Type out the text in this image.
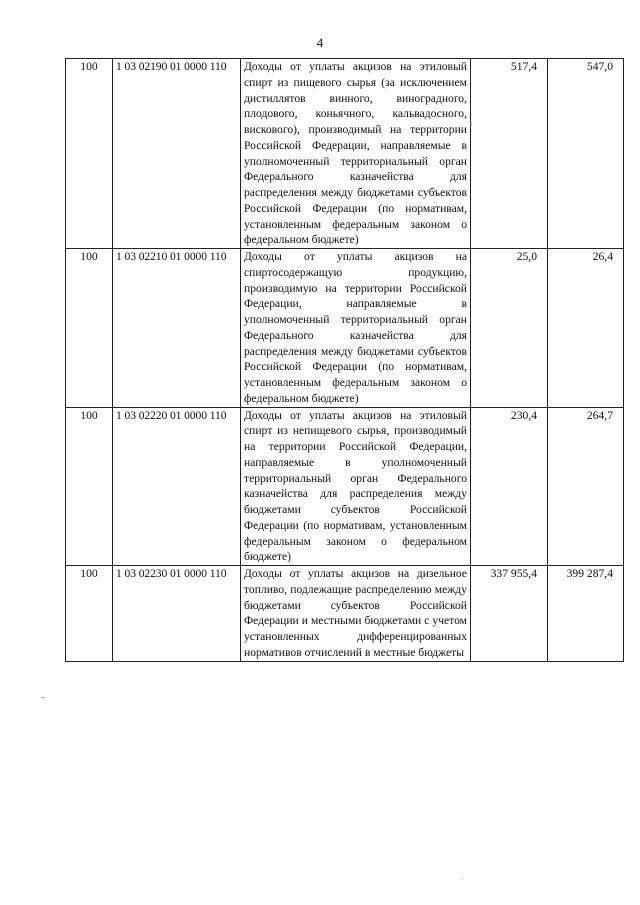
4
100	1 03 02190 01 0000 110	Доходы от уплаты акцизов на этиловый спирт из пищевого сырья (за исключением дистиллятов винного, виноградного, плодового, коньячного, кальвадосного, вискового), производимый на территории Российской Федерации, направляемые в уполномоченный территориальный орган Федерального казначейства для распределения между бюджетами субъектов Российской Федерации (по нормативам, установленным федеральным законом о федеральном бюджете)	517,4	547,0
100	1 03 02210 01 0000 110	Доходы от уплаты акцизов на спиртосодержащую продукцию, производимую на территории Российской Федерации, направляемые в уполномоченный территориальный орган Федерального казначейства для распределения между бюджетами субъектов Российской Федерации (по нормативам, установленным федеральным законом о федеральном бюджете)	25,0	26,4
100	1 03 02220 01 0000 110	Доходы от уплаты акцизов на этиловый спирт из непищевого сырья, производимый на территории Российской Федерации, направляемые в уполномоченный территориальный орган Федерального казначейства для распределения между бюджетами субъектов Российской Федерации (по нормативам, установленным федеральным законом о федеральном бюджете)	230,4	264,7
100	1 03 02230 01 0000 110	Доходы от уплаты акцизов на дизельное топливо, подлежащие распределению между бюджетами субъектов Российской Федерации и местными бюджетами с учетом установленных дифференцированных нормативов отчислений в местные бюджеты	337 955,4	399 287,4
